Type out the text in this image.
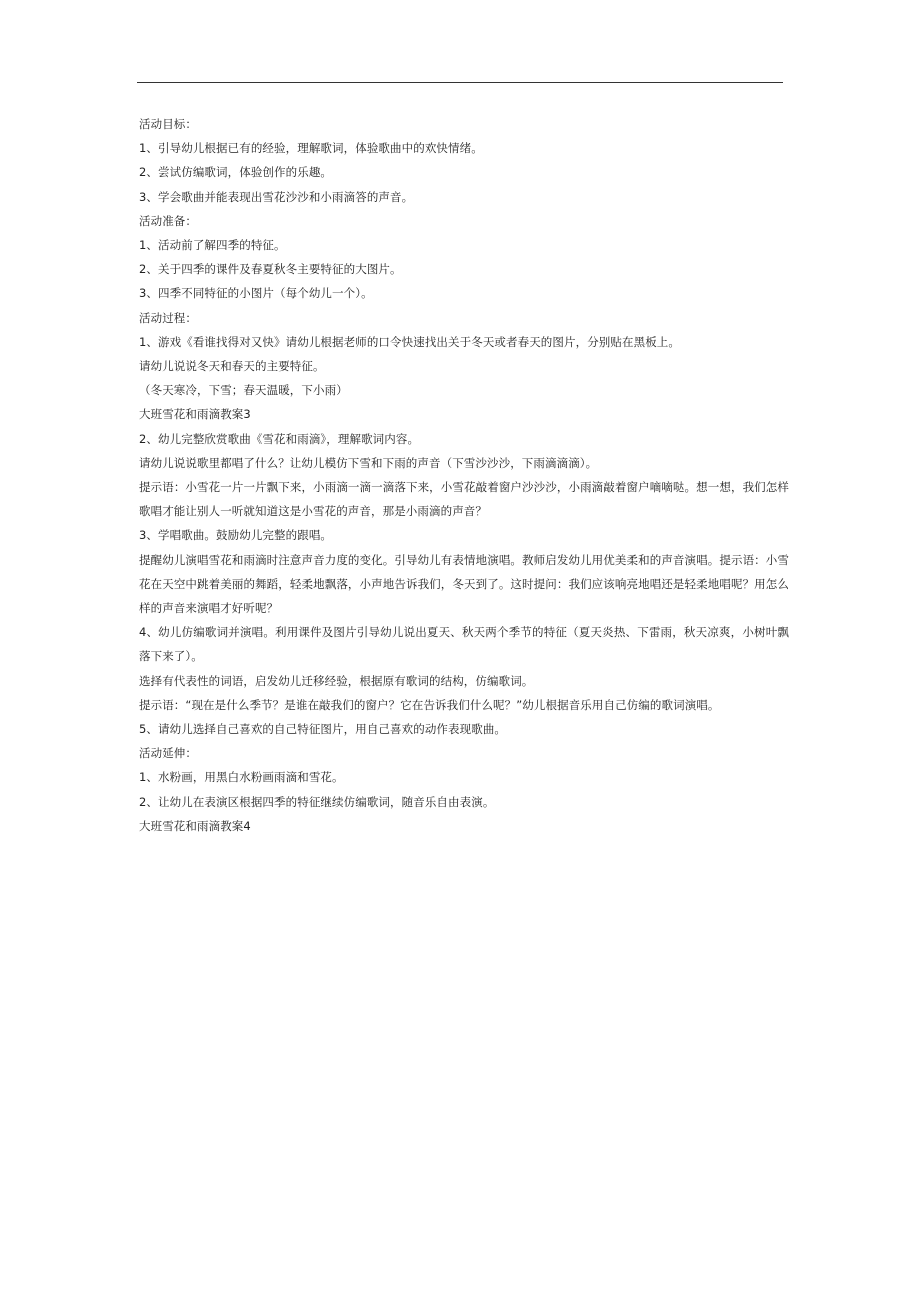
活动目标：
1、引导幼儿根据已有的经验，理解歌词，体验歌曲中的欢快情绪。
2、尝试仿编歌词，体验创作的乐趣。
3、学会歌曲并能表现出雪花沙沙和小雨滴答的声音。
活动准备：
1、活动前了解四季的特征。
2、关于四季的课件及春夏秋冬主要特征的大图片。
3、四季不同特征的小图片（每个幼儿一个）。
活动过程：
1、游戏《看谁找得对又快》请幼儿根据老师的口令快速找出关于冬天或者春天的图片，分别贴在黑板上。
请幼儿说说冬天和春天的主要特征。
（冬天寒冷，下雪；春天温暖，下小雨）
大班雪花和雨滴教案3
2、幼儿完整欣赏歌曲《雪花和雨滴》，理解歌词内容。
请幼儿说说歌里都唱了什么？让幼儿模仿下雪和下雨的声音（下雪沙沙沙，下雨滴滴滴）。
提示语：小雪花一片一片飘下来，小雨滴一滴一滴落下来，小雪花敲着窗户沙沙沙，小雨滴敲着窗户嘀嘀哒。想一想，我们怎样歌唱才能让别人一听就知道这是小雪花的声音，那是小雨滴的声音？
3、学唱歌曲。鼓励幼儿完整的跟唱。
提醒幼儿演唱雪花和雨滴时注意声音力度的变化。引导幼儿有表情地演唱。教师启发幼儿用优美柔和的声音演唱。提示语：小雪花在天空中跳着美丽的舞蹈，轻柔地飘落，小声地告诉我们，冬天到了。这时提问：我们应该响亮地唱还是轻柔地唱呢？用怎么样的声音来演唱才好听呢？
4、幼儿仿编歌词并演唱。利用课件及图片引导幼儿说出夏天、秋天两个季节的特征（夏天炎热、下雷雨，秋天凉爽，小树叶飘落下来了）。
选择有代表性的词语，启发幼儿迁移经验，根据原有歌词的结构，仿编歌词。
提示语：“现在是什么季节？是谁在敲我们的窗户？它在告诉我们什么呢？”幼儿根据音乐用自己仿编的歌词演唱。
5、请幼儿选择自己喜欢的自己特征图片，用自己喜欢的动作表现歌曲。
活动延伸：
1、水粉画，用黑白水粉画雨滴和雪花。
2、让幼儿在表演区根据四季的特征继续仿编歌词，随音乐自由表演。
大班雪花和雨滴教案4
